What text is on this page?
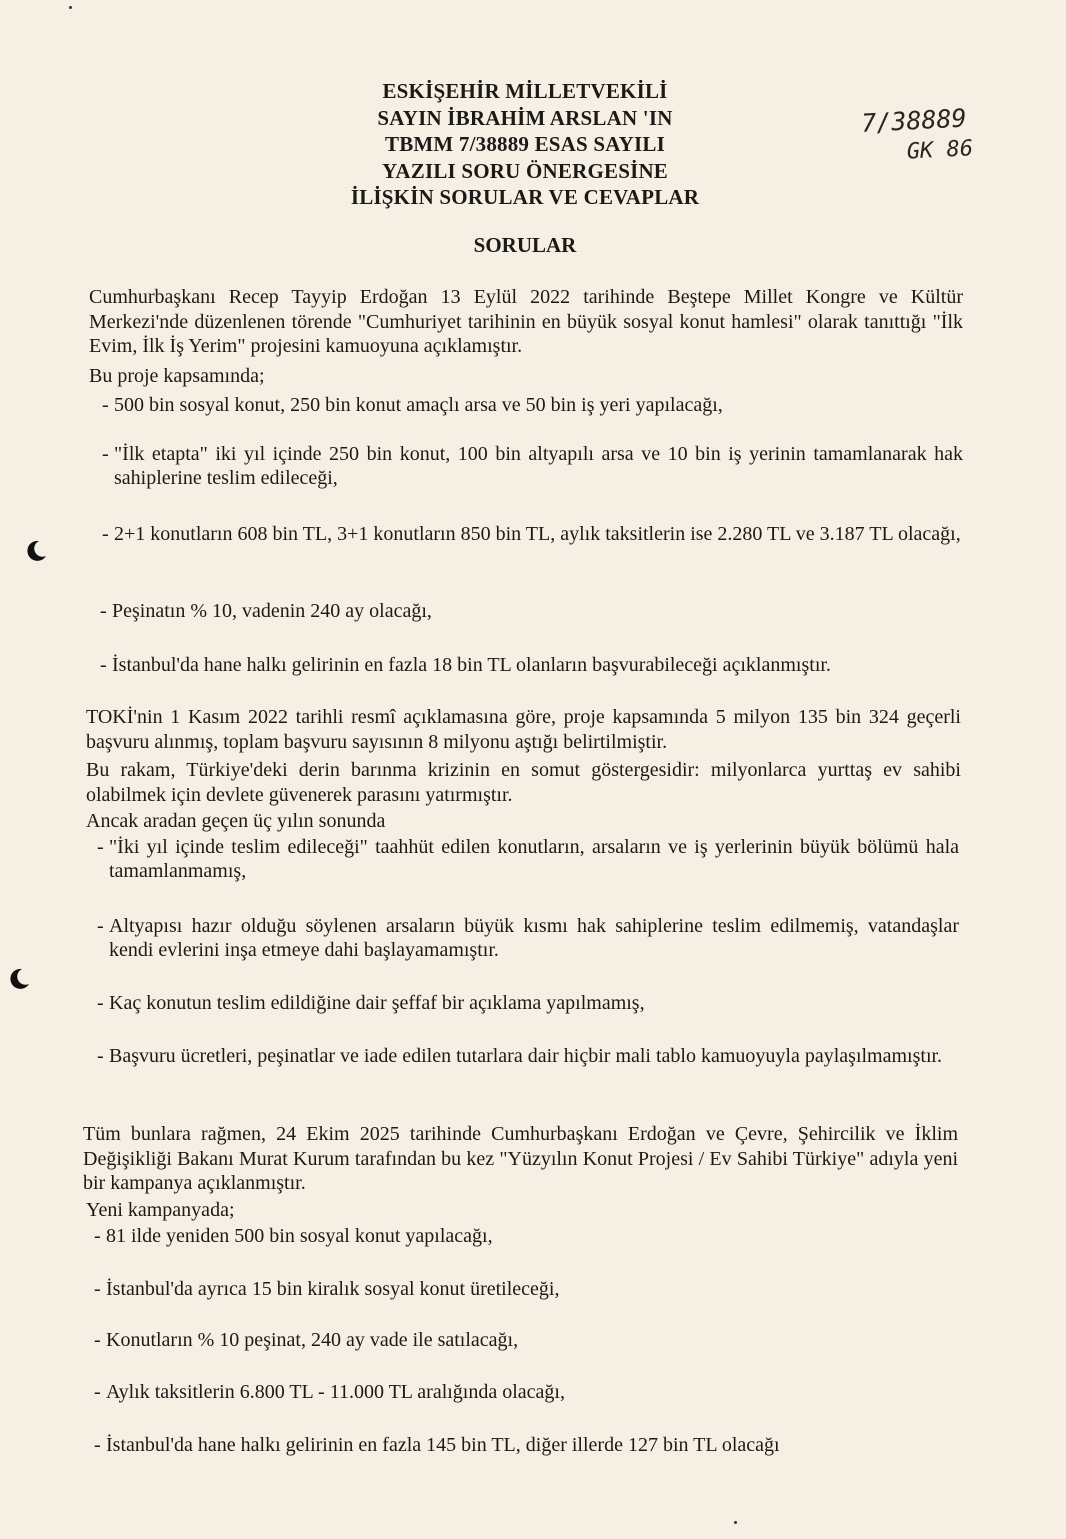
ESKİŞEHİR MİLLETVEKİLİ
SAYIN İBRAHİM ARSLAN 'IN
TBMM 7/38889 ESAS SAYILI
YAZILI SORU ÖNERGESİNE
İLİŞKİN SORULAR VE CEVAPLAR
7/38889
GK 86
SORULAR
Cumhurbaşkanı Recep Tayyip Erdoğan 13 Eylül 2022 tarihinde Beştepe Millet Kongre ve Kültür Merkezi'nde düzenlenen törende "Cumhuriyet tarihinin en büyük sosyal konut hamlesi" olarak tanıttığı "İlk Evim, İlk İş Yerim" projesini kamuoyuna açıklamıştır.
Bu proje kapsamında;
- 500 bin sosyal konut, 250 bin konut amaçlı arsa ve 50 bin iş yeri yapılacağı,
- "İlk etapta" iki yıl içinde 250 bin konut, 100 bin altyapılı arsa ve 10 bin iş yerinin tamamlanarak hak sahiplerine teslim edileceği,
- 2+1 konutların 608 bin TL, 3+1 konutların 850 bin TL, aylık taksitlerin ise 2.280 TL ve 3.187 TL olacağı,
- Peşinatın % 10, vadenin 240 ay olacağı,
- İstanbul'da hane halkı gelirinin en fazla 18 bin TL olanların başvurabileceği açıklanmıştır.
TOKİ'nin 1 Kasım 2022 tarihli resmî açıklamasına göre, proje kapsamında 5 milyon 135 bin 324 geçerli başvuru alınmış, toplam başvuru sayısının 8 milyonu aştığı belirtilmiştir.
Bu rakam, Türkiye'deki derin barınma krizinin en somut göstergesidir: milyonlarca yurttaş ev sahibi olabilmek için devlete güvenerek parasını yatırmıştır.
Ancak aradan geçen üç yılın sonunda
- "İki yıl içinde teslim edileceği" taahhüt edilen konutların, arsaların ve iş yerlerinin büyük bölümü hala tamamlanmamış,
- Altyapısı hazır olduğu söylenen arsaların büyük kısmı hak sahiplerine teslim edilmemiş, vatandaşlar kendi evlerini inşa etmeye dahi başlayamamıştır.
- Kaç konutun teslim edildiğine dair şeffaf bir açıklama yapılmamış,
- Başvuru ücretleri, peşinatlar ve iade edilen tutarlara dair hiçbir mali tablo kamuoyuyla paylaşılmamıştır.
Tüm bunlara rağmen, 24 Ekim 2025 tarihinde Cumhurbaşkanı Erdoğan ve Çevre, Şehircilik ve İklim Değişikliği Bakanı Murat Kurum tarafından bu kez "Yüzyılın Konut Projesi / Ev Sahibi Türkiye" adıyla yeni bir kampanya açıklanmıştır.
Yeni kampanyada;
- 81 ilde yeniden 500 bin sosyal konut yapılacağı,
- İstanbul'da ayrıca 15 bin kiralık sosyal konut üretileceği,
- Konutların % 10 peşinat, 240 ay vade ile satılacağı,
- Aylık taksitlerin 6.800 TL - 11.000 TL aralığında olacağı,
- İstanbul'da hane halkı gelirinin en fazla 145 bin TL, diğer illerde 127 bin TL olacağı
